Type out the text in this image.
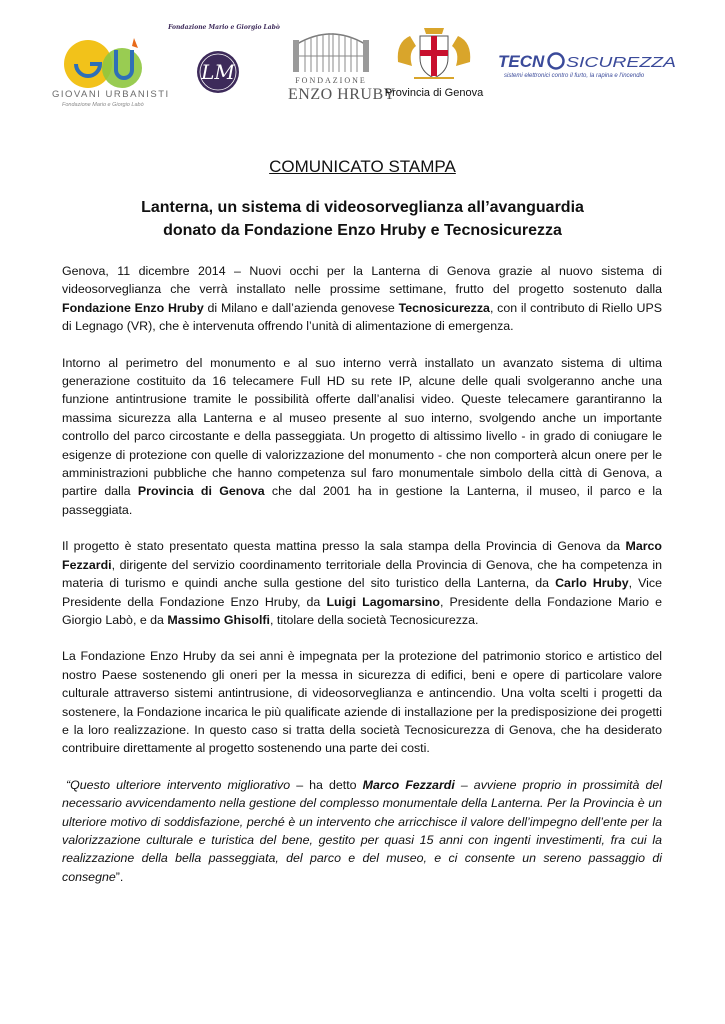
GIOVANI URBANISTI
Fondazione Mario e Giorgio Labò
Fondazione Mario e Giorgio Labò
LM	FONDAZIONE
ENZO HRUBY
Provincia di Genova
TECN SICUREZZA
sistemi elettronici contro il furto, la rapina e l'incendio
COMUNICATO STAMPA
Lanterna, un sistema di videosorveglianza all’avanguardia
donato da Fondazione Enzo Hruby e Tecnosicurezza

Genova, 11 dicembre 2014 – Nuovi occhi per la Lanterna di Genova grazie al nuovo sistema di videosorveglianza che verrà installato nelle prossime settimane, frutto del progetto sostenuto dalla Fondazione Enzo Hruby di Milano e dall’azienda genovese Tecnosicurezza, con il contributo di Riello UPS di Legnago (VR), che è intervenuta offrendo l’unità di alimentazione di emergenza.

Intorno al perimetro del monumento e al suo interno verrà installato un avanzato sistema di ultima generazione costituito da 16 telecamere Full HD su rete IP, alcune delle quali svolgeranno anche una funzione antintrusione tramite le possibilità offerte dall’analisi video. Queste telecamere garantiranno la massima sicurezza alla Lanterna e al museo presente al suo interno, svolgendo anche un importante controllo del parco circostante e della passeggiata. Un progetto di altissimo livello - in grado di coniugare le esigenze di protezione con quelle di valorizzazione del monumento - che non comporterà alcun onere per le amministrazioni pubbliche che hanno competenza sul faro monumentale simbolo della città di Genova, a partire dalla Provincia di Genova che dal 2001 ha in gestione la Lanterna, il museo, il parco e la passeggiata.

Il progetto è stato presentato questa mattina presso la sala stampa della Provincia di Genova da Marco Fezzardi, dirigente del servizio coordinamento territoriale della Provincia di Genova, che ha competenza in materia di turismo e quindi anche sulla gestione del sito turistico della Lanterna, da Carlo Hruby, Vice Presidente della Fondazione Enzo Hruby, da Luigi Lagomarsino, Presidente della Fondazione Mario e Giorgio Labò, e da Massimo Ghisolfi, titolare della società Tecnosicurezza.

La Fondazione Enzo Hruby da sei anni è impegnata per la protezione del patrimonio storico e artistico del nostro Paese sostenendo gli oneri per la messa in sicurezza di edifici, beni e opere di particolare valore culturale attraverso sistemi antintrusione, di videosorveglianza e antincendio. Una volta scelti i progetti da sostenere, la Fondazione incarica le più qualificate aziende di installazione per la predisposizione dei progetti e la loro realizzazione. In questo caso si tratta della società Tecnosicurezza di Genova, che ha desiderato contribuire direttamente al progetto sostenendo una parte dei costi.

“Questo ulteriore intervento migliorativo – ha detto Marco Fezzardi – avviene proprio in prossimità del necessario avvicendamento nella gestione del complesso monumentale della Lanterna. Per la Provincia è un ulteriore motivo di soddisfazione, perché è un intervento che arricchisce il valore dell’impegno dell’ente per la valorizzazione culturale e turistica del bene, gestito per quasi 15 anni con ingenti investimenti, fra cui la realizzazione della bella passeggiata, del parco e del museo, e ci consente un sereno passaggio di consegne”.
